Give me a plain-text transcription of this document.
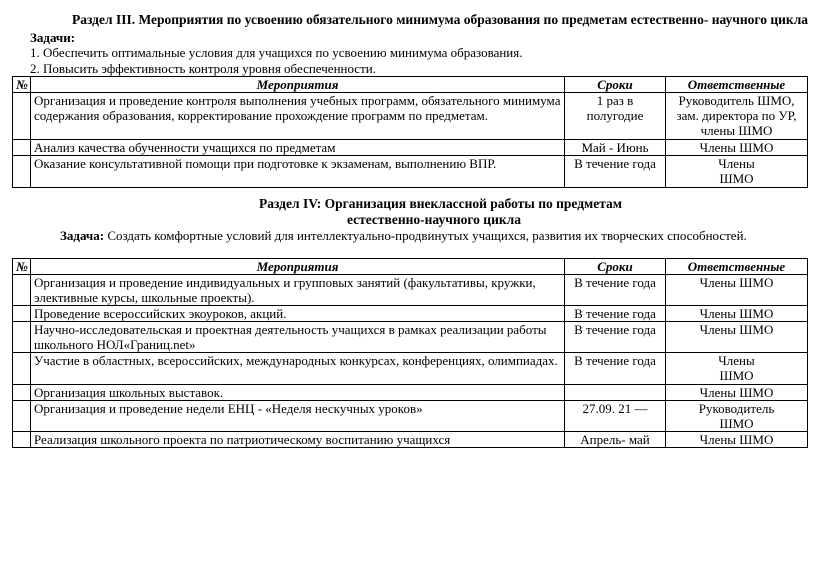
Раздел III. Мероприятия по усвоению обязательного минимума образования по предметам естественно- научного цикла
Задачи:
1. Обеспечить оптимальные условия для учащихся по усвоению минимума образования.
2. Повысить эффективность контроля уровня обеспеченности.
№	Мероприятия	Сроки	Ответственные
	Организация и проведение контроля выполнения учебных программ, обязательного минимума содержания образования, корректирование прохождение программ по предметам.	1 раз в полугодие	Руководитель ШМО, зам. директора по УР, члены ШМО
	Анализ качества обученности учащихся по предметам	Май - Июнь	Члены ШМО
	Оказание консультативной помощи при подготовке к экзаменам, выполнению ВПР.	В течение года	Члены ШМО
Раздел IV: Организация внеклассной работы по предметам
естественно-научного цикла
Задача: Создать комфортные условий для интеллектуально-продвинутых учащихся, развития их творческих способностей.
№	Мероприятия	Сроки	Ответственные
	Организация и проведение индивидуальных и групповых занятий (факультативы, кружки, элективные курсы, школьные проекты).	В течение года	Члены ШМО
	Проведение всероссийских экоуроков, акций.	В течение года	Члены ШМО
	Научно-исследовательская и проектная деятельность учащихся в рамках реализации работы школьного НОЛ«Границ.net»	В течение года	Члены ШМО
	Участие в областных, всероссийских, международных конкурсах, конференциях, олимпиадах.	В течение года	Члены ШМО
	Организация школьных выставок.		Члены ШМО
	Организация и проведение недели ЕНЦ - «Неделя нескучных уроков»	27.09. 21 —	Руководитель ШМО
	Реализация школьного проекта по патриотическому воспитанию учащихся	Апрель- май	Члены ШМО
